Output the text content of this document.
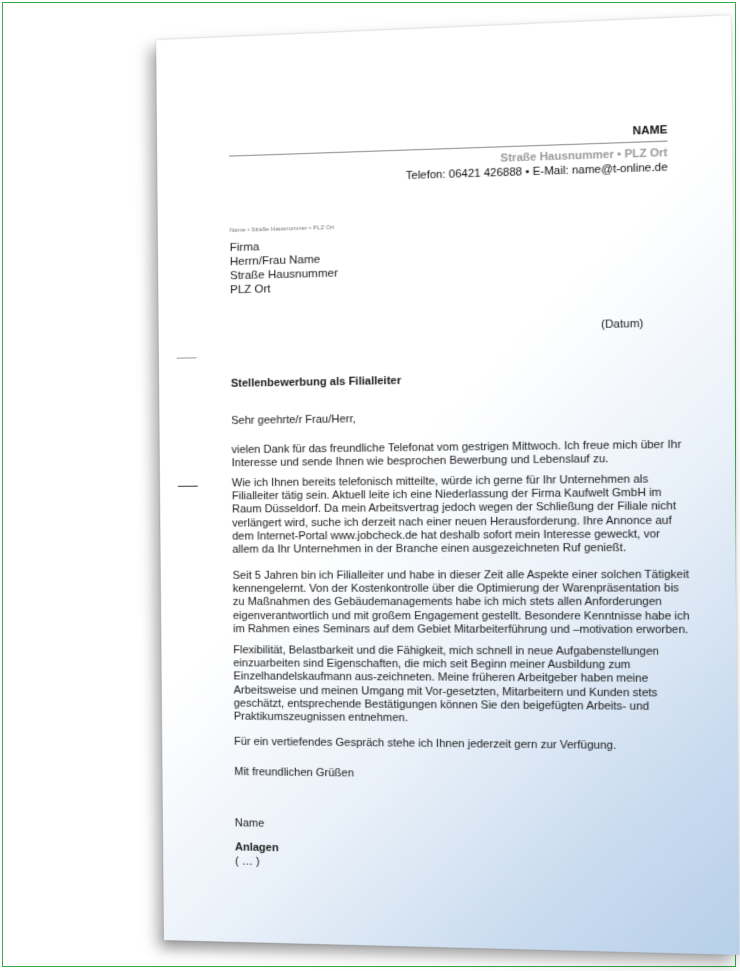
NAME
Straße Hausnummer • PLZ Ort
Telefon: 06421 426888 • E-Mail: name@t-online.de
Name • Straße Hausnummer • PLZ Ort
Firma
Herrn/Frau Name
Straße Hausnummer
PLZ Ort
(Datum)
Stellenbewerbung als Filialleiter
Sehr geehrte/r Frau/Herr,
vielen Dank für das freundliche Telefonat vom gestrigen Mittwoch. Ich freue mich über Ihr Interesse und sende Ihnen wie besprochen Bewerbung und Lebenslauf zu.
Wie ich Ihnen bereits telefonisch mitteilte, würde ich gerne für Ihr Unternehmen als Filialleiter tätig sein. Aktuell leite ich eine Niederlassung der Firma Kaufwelt GmbH im Raum Düsseldorf. Da mein Arbeitsvertrag jedoch wegen der Schließung der Filiale nicht verlängert wird, suche ich derzeit nach einer neuen Herausforderung. Ihre Annonce auf dem Internet-Portal www.jobcheck.de hat deshalb sofort mein Interesse geweckt, vor allem da Ihr Unternehmen in der Branche einen ausgezeichneten Ruf genießt.
Seit 5 Jahren bin ich Filialleiter und habe in dieser Zeit alle Aspekte einer solchen Tätigkeit kennengelernt. Von der Kostenkontrolle über die Optimierung der Warenpräsentation bis zu Maßnahmen des Gebäudemanagements habe ich mich stets allen Anforderungen eigenverantwortlich und mit großem Engagement gestellt. Besondere Kenntnisse habe ich im Rahmen eines Seminars auf dem Gebiet Mitarbeiterführung und –motivation erworben.
Flexibilität, Belastbarkeit und die Fähigkeit, mich schnell in neue Aufgabenstellungen einzuarbeiten sind Eigenschaften, die mich seit Beginn meiner Ausbildung zum Einzelhandelskaufmann aus-zeichneten. Meine früheren Arbeitgeber haben meine Arbeitsweise und meinen Umgang mit Vor-gesetzten, Mitarbeitern und Kunden stets geschätzt, entsprechende Bestätigungen können Sie den beigefügten Arbeits- und Praktikumszeugnissen entnehmen.
Für ein vertiefendes Gespräch stehe ich Ihnen jederzeit gern zur Verfügung.
Mit freundlichen Grüßen
Name
Anlagen
( … )
